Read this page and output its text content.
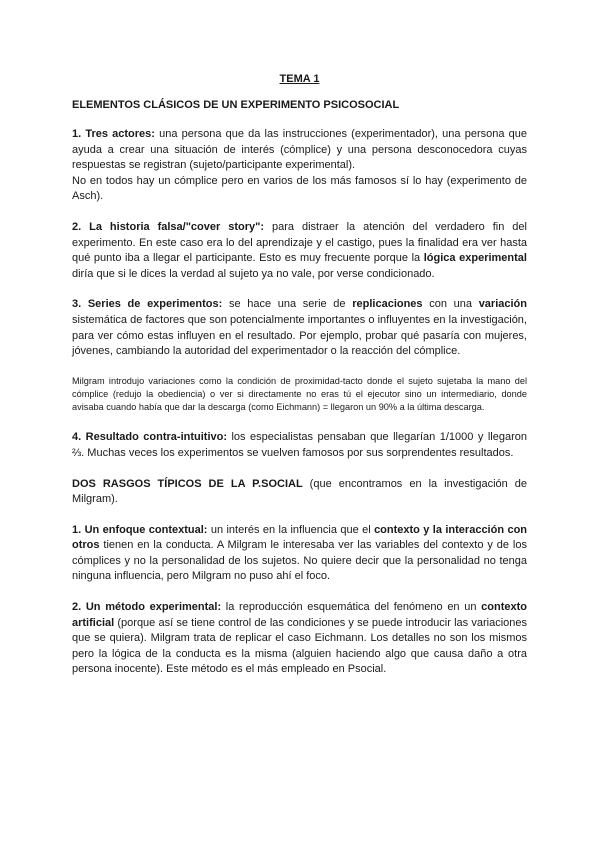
TEMA 1
ELEMENTOS CLÁSICOS DE UN EXPERIMENTO PSICOSOCIAL

1. Tres actores: una persona que da las instrucciones (experimentador), una persona que ayuda a crear una situación de interés (cómplice) y una persona desconocedora cuyas respuestas se registran (sujeto/participante experimental).
No en todos hay un cómplice pero en varios de los más famosos sí lo hay (experimento de Asch).

2. La historia falsa/"cover story": para distraer la atención del verdadero fin del experimento. En este caso era lo del aprendizaje y el castigo, pues la finalidad era ver hasta qué punto iba a llegar el participante. Esto es muy frecuente porque la lógica experimental diría que si le dices la verdad al sujeto ya no vale, por verse condicionado.

3. Series de experimentos: se hace una serie de replicaciones con una variación sistemática de factores que son potencialmente importantes o influyentes en la investigación, para ver cómo estas influyen en el resultado. Por ejemplo, probar qué pasaría con mujeres, jóvenes, cambiando la autoridad del experimentador o la reacción del cómplice.

Milgram introdujo variaciones como la condición de proximidad-tacto donde el sujeto sujetaba la mano del cómplice (redujo la obediencia) o ver si directamente no eras tú el ejecutor sino un intermediario, donde avisaba cuando había que dar la descarga (como Eichmann) = llegaron un 90% a la última descarga.

4. Resultado contra-intuitivo: los especialistas pensaban que llegarían 1/1000 y llegaron ⅔. Muchas veces los experimentos se vuelven famosos por sus sorprendentes resultados.

DOS RASGOS TÍPICOS DE LA P.SOCIAL (que encontramos en la investigación de Milgram).

1. Un enfoque contextual: un interés en la influencia que el contexto y la interacción con otros tienen en la conducta. A Milgram le interesaba ver las variables del contexto y de los cómplices y no la personalidad de los sujetos. No quiere decir que la personalidad no tenga ninguna influencia, pero Milgram no puso ahí el foco.

2. Un método experimental: la reproducción esquemática del fenómeno en un contexto artificial (porque así se tiene control de las condiciones y se puede introducir las variaciones que se quiera). Milgram trata de replicar el caso Eichmann. Los detalles no son los mismos pero la lógica de la conducta es la misma (alguien haciendo algo que causa daño a otra persona inocente). Este método es el más empleado en Psocial.
